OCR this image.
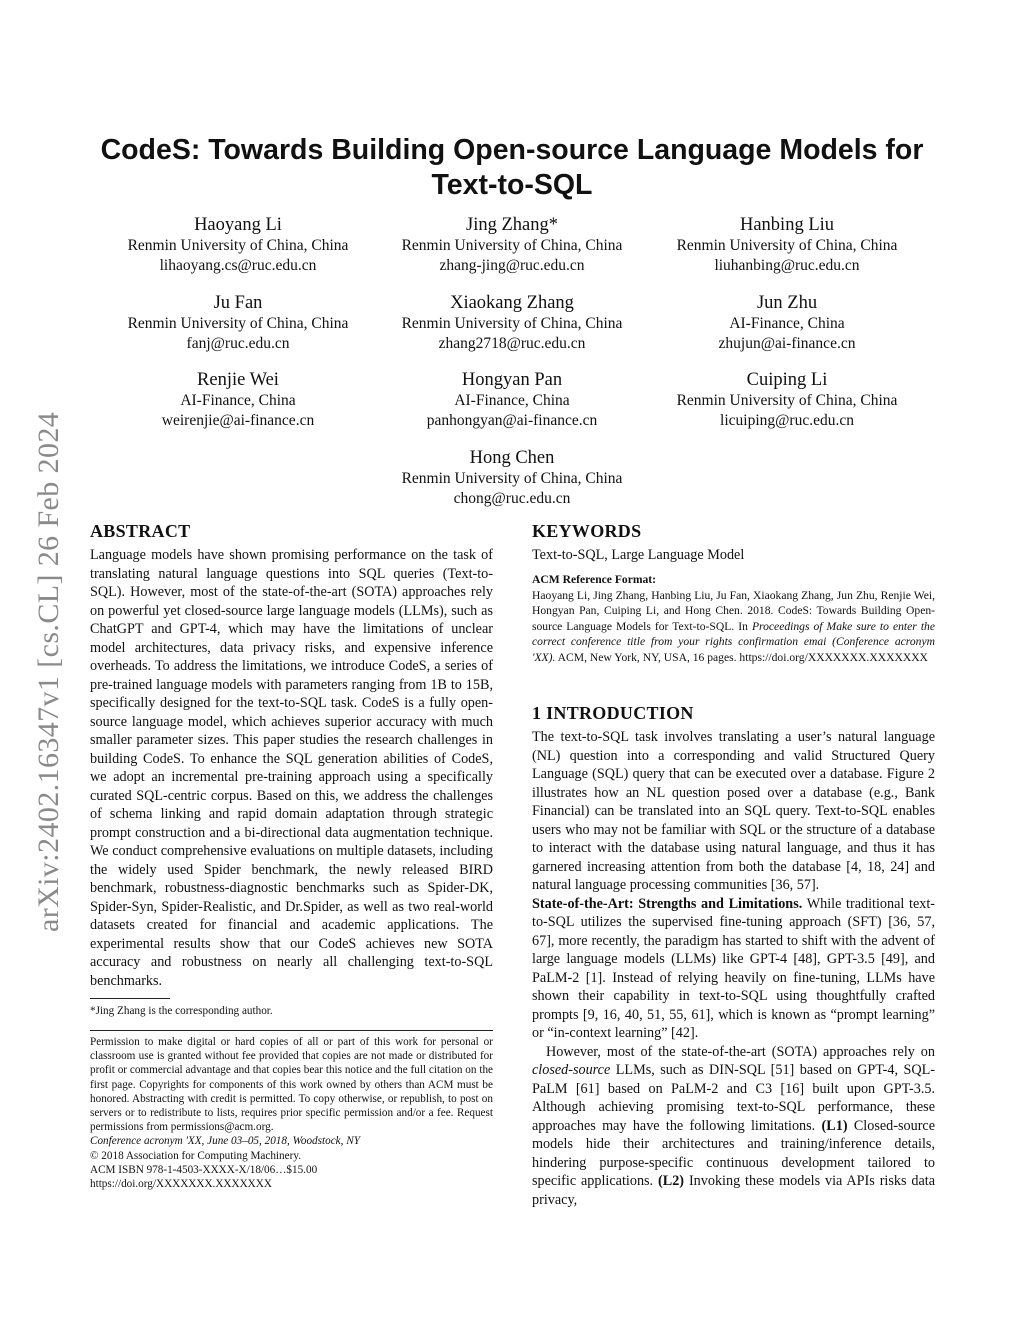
arXiv:2402.16347v1 [cs.CL] 26 Feb 2024
CodeS: Towards Building Open-source Language Models for
Text-to-SQL
Haoyang Li
Renmin University of China, China
lihaoyang.cs@ruc.edu.cn
Jing Zhang*
Renmin University of China, China
zhang-jing@ruc.edu.cn
Hanbing Liu
Renmin University of China, China
liuhanbing@ruc.edu.cn
Ju Fan
Renmin University of China, China
fanj@ruc.edu.cn
Xiaokang Zhang
Renmin University of China, China
zhang2718@ruc.edu.cn
Jun Zhu
AI-Finance, China
zhujun@ai-finance.cn
Renjie Wei
AI-Finance, China
weirenjie@ai-finance.cn
Hongyan Pan
AI-Finance, China
panhongyan@ai-finance.cn
Cuiping Li
Renmin University of China, China
licuiping@ruc.edu.cn
Hong Chen
Renmin University of China, China
chong@ruc.edu.cn
ABSTRACT

Language models have shown promising performance on the task of translating natural language questions into SQL queries (Text-to-SQL). However, most of the state-of-the-art (SOTA) approaches rely on powerful yet closed-source large language models (LLMs), such as ChatGPT and GPT-4, which may have the limitations of unclear model architectures, data privacy risks, and expensive inference overheads. To address the limitations, we introduce CodeS, a series of pre-trained language models with parameters ranging from 1B to 15B, specifically designed for the text-to-SQL task. CodeS is a fully open-source language model, which achieves superior accuracy with much smaller parameter sizes. This paper studies the research challenges in building CodeS. To enhance the SQL generation abilities of CodeS, we adopt an incremental pre-training approach using a specifically curated SQL-centric corpus. Based on this, we address the challenges of schema linking and rapid domain adaptation through strategic prompt construction and a bi-directional data augmentation technique. We conduct comprehensive evaluations on multiple datasets, including the widely used Spider benchmark, the newly released BIRD benchmark, robustness-diagnostic benchmarks such as Spider-DK, Spider-Syn, Spider-Realistic, and Dr.Spider, as well as two real-world datasets created for financial and academic applications. The experimental results show that our CodeS achieves new SOTA accuracy and robustness on nearly all challenging text-to-SQL benchmarks.

*Jing Zhang is the corresponding author.
Permission to make digital or hard copies of all or part of this work for personal or classroom use is granted without fee provided that copies are not made or distributed for profit or commercial advantage and that copies bear this notice and the full citation on the first page. Copyrights for components of this work owned by others than ACM must be honored. Abstracting with credit is permitted. To copy otherwise, or republish, to post on servers or to redistribute to lists, requires prior specific permission and/or a fee. Request permissions from permissions@acm.org.
Conference acronym 'XX, June 03–05, 2018, Woodstock, NY
© 2018 Association for Computing Machinery.
ACM ISBN 978-1-4503-XXXX-X/18/06…$15.00
https://doi.org/XXXXXXX.XXXXXXX
KEYWORDS
Text-to-SQL, Large Language Model
ACM Reference Format:
Haoyang Li, Jing Zhang, Hanbing Liu, Ju Fan, Xiaokang Zhang, Jun Zhu, Renjie Wei, Hongyan Pan, Cuiping Li, and Hong Chen. 2018. CodeS: Towards Building Open-source Language Models for Text-to-SQL. In Proceedings of Make sure to enter the correct conference title from your rights confirmation emai (Conference acronym 'XX). ACM, New York, NY, USA, 16 pages. https://doi.org/XXXXXXX.XXXXXXX
1 INTRODUCTION

The text-to-SQL task involves translating a user’s natural language (NL) question into a corresponding and valid Structured Query Language (SQL) query that can be executed over a database. Figure 2 illustrates how an NL question posed over a database (e.g., Bank Financial) can be translated into an SQL query. Text-to-SQL enables users who may not be familiar with SQL or the structure of a database to interact with the database using natural language, and thus it has garnered increasing attention from both the database [4, 18, 24] and natural language processing communities [36, 57].

State-of-the-Art: Strengths and Limitations. While traditional text-to-SQL utilizes the supervised fine-tuning approach (SFT) [36, 57, 67], more recently, the paradigm has started to shift with the advent of large language models (LLMs) like GPT-4 [48], GPT-3.5 [49], and PaLM-2 [1]. Instead of relying heavily on fine-tuning, LLMs have shown their capability in text-to-SQL using thoughtfully crafted prompts [9, 16, 40, 51, 55, 61], which is known as “prompt learning” or “in-context learning” [42].

However, most of the state-of-the-art (SOTA) approaches rely on closed-source LLMs, such as DIN-SQL [51] based on GPT-4, SQL-PaLM [61] based on PaLM-2 and C3 [16] built upon GPT-3.5. Although achieving promising text-to-SQL performance, these approaches may have the following limitations. (L1) Closed-source models hide their architectures and training/inference details, hindering purpose-specific continuous development tailored to specific applications. (L2) Invoking these models via APIs risks data privacy,
